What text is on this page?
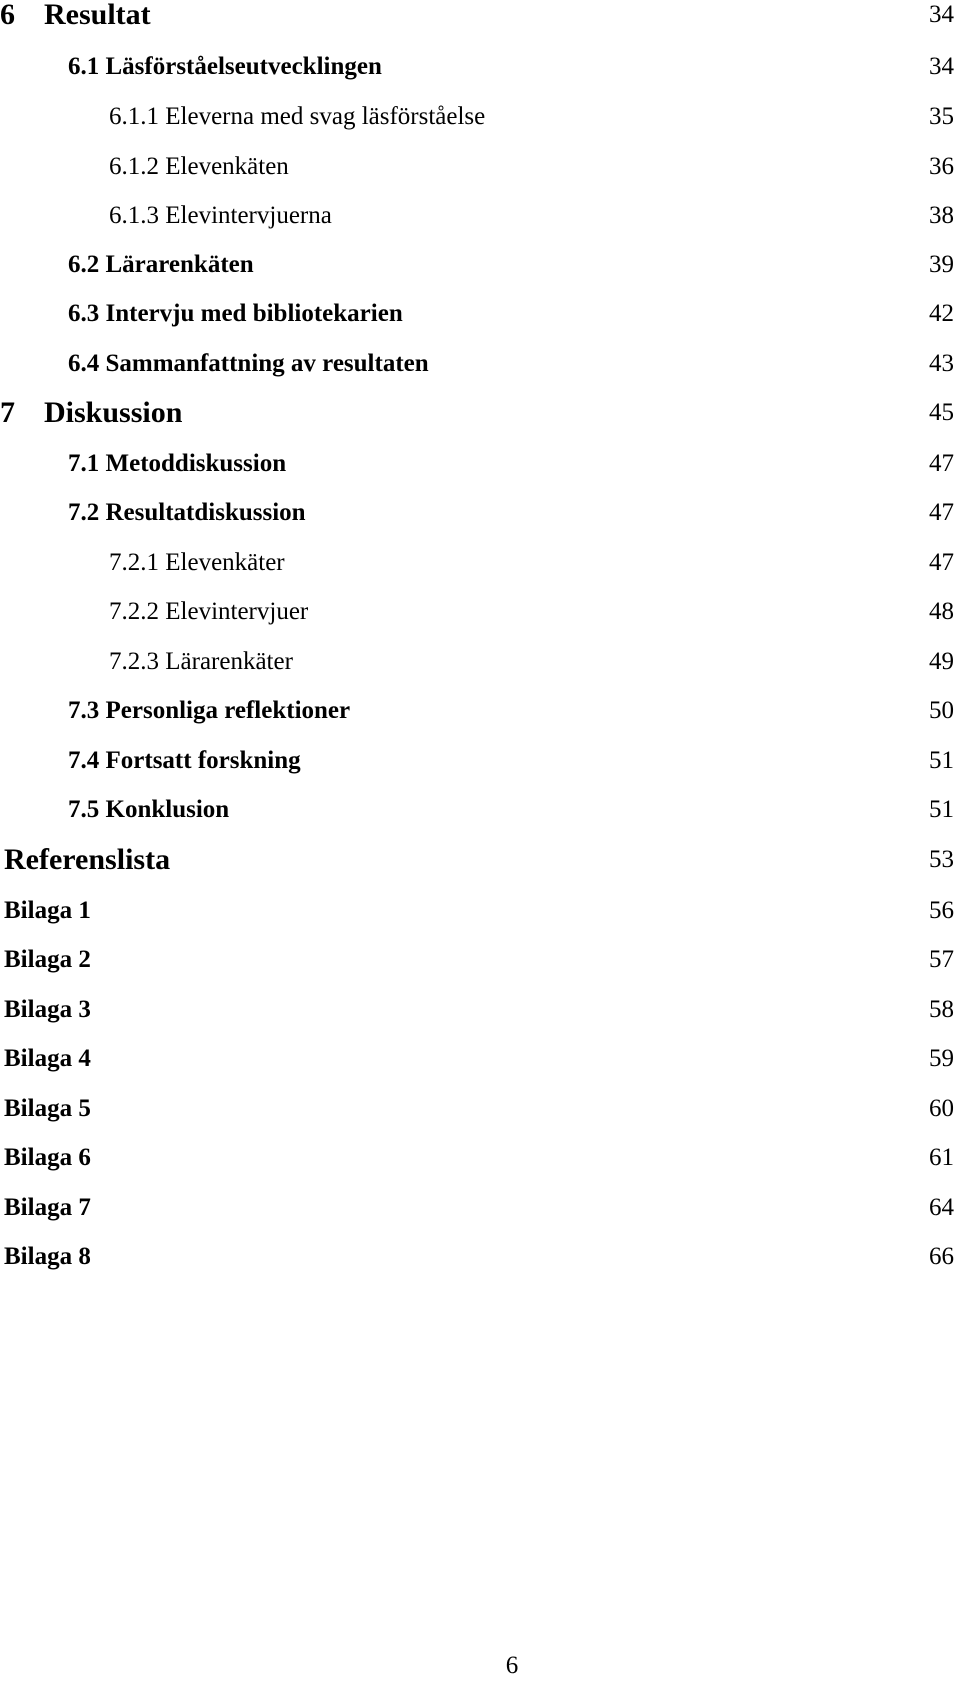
6 Resultat	34
6.1 Läsförståelseutvecklingen	34
6.1.1 Eleverna med svag läsförståelse	35
6.1.2 Elevenkäten	36
6.1.3 Elevintervjuerna	38
6.2 Lärarenkäten	39
6.3 Intervju med bibliotekarien	42
6.4 Sammanfattning av resultaten	43
7 Diskussion	45
7.1 Metoddiskussion	47
7.2 Resultatdiskussion	47
7.2.1 Elevenkäter	47
7.2.2 Elevintervjuer	48
7.2.3 Lärarenkäter	49
7.3 Personliga reflektioner	50
7.4 Fortsatt forskning	51
7.5 Konklusion	51
Referenslista	53
Bilaga 1	56
Bilaga 2	57
Bilaga 3	58
Bilaga 4	59
Bilaga 5	60
Bilaga 6	61
Bilaga 7	64
Bilaga 8	66
6
